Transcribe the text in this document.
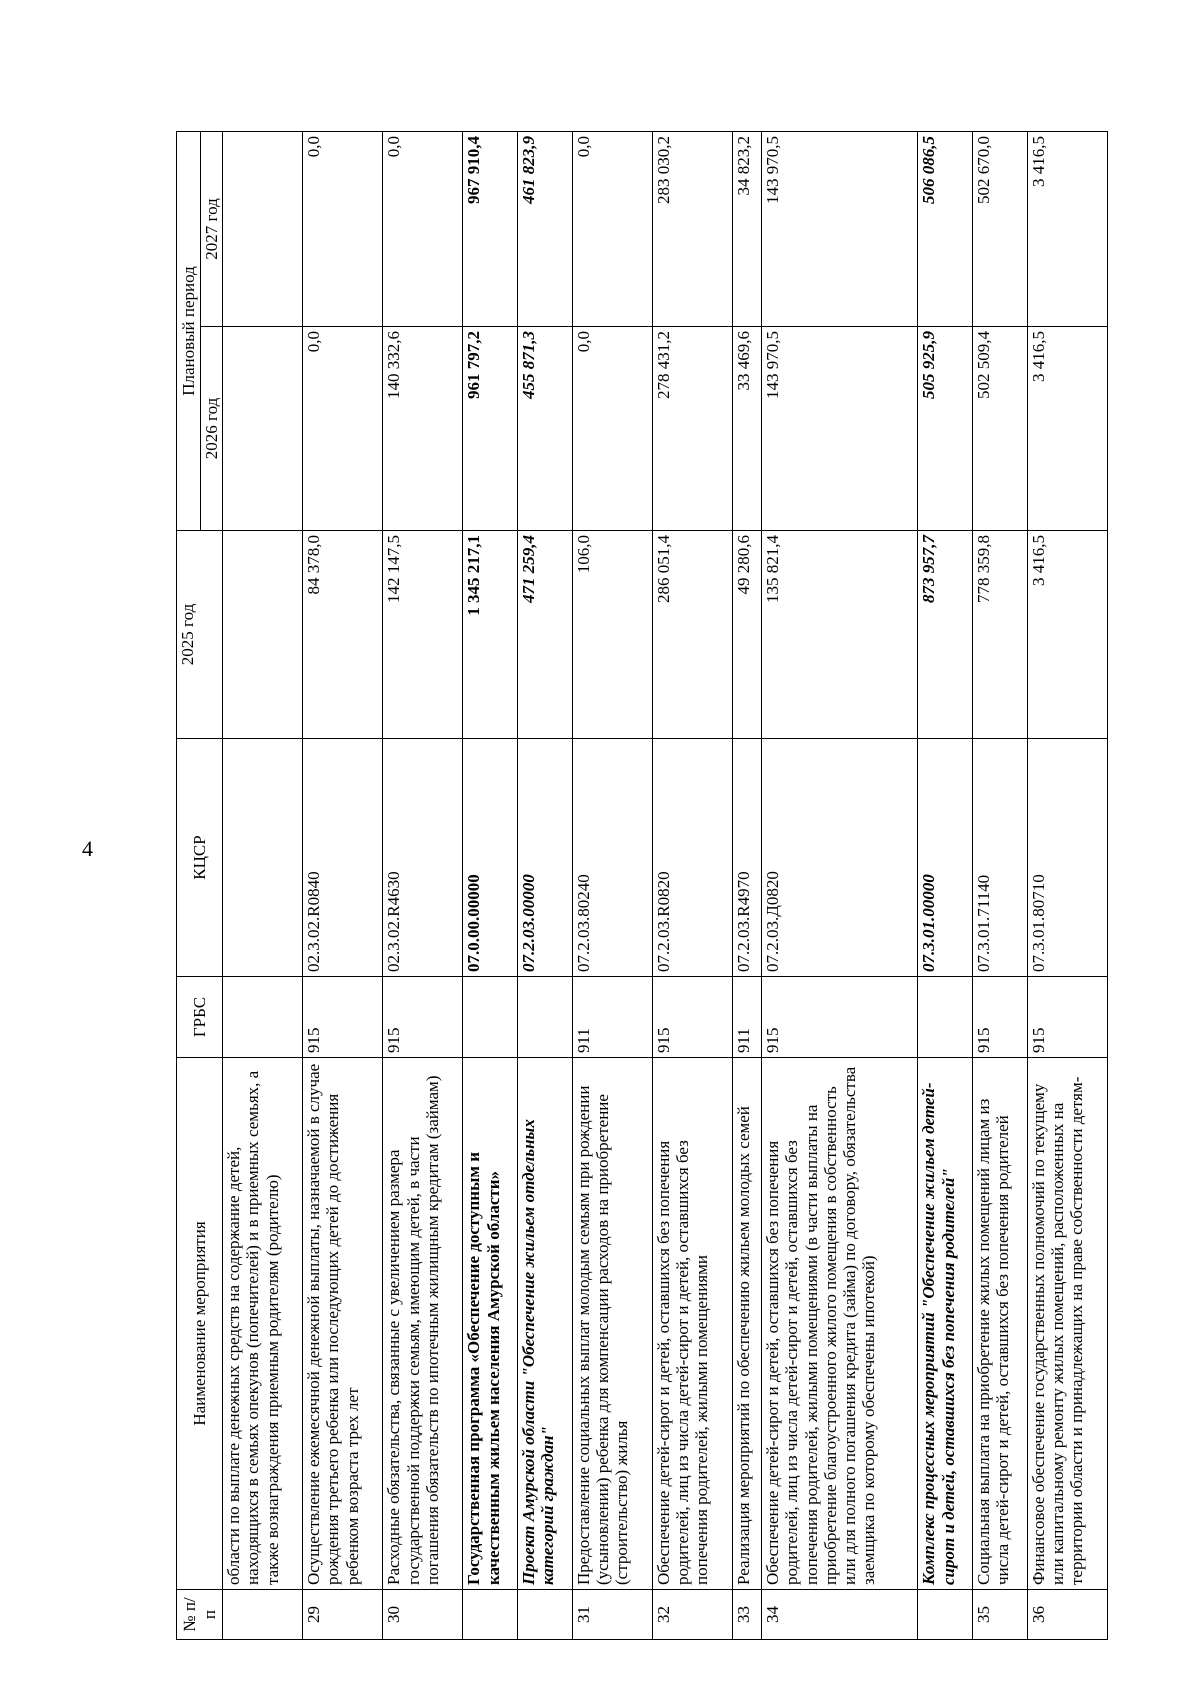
4
№ п/п	Наименование мероприятия	ГРБС	КЦСР	2025 год	Плановый период	
					2026 год	2027 год
	области по выплате денежных средств на содержание детей, находящихся в семьях опекунов (попечителей) и в приемных семьях, а также вознаграждения приемным родителям (родителю)					
29	Осуществление ежемесячной денежной выплаты, назначаемой в случае рождения третьего ребенка или последующих детей до достижения ребенком возраста трех лет	915	02.3.02.R0840	84 378,0	0,0	0,0
30	Расходные обязательства, связанные с увеличением размера государственной поддержки семьям, имеющим детей, в части погашения обязательств по ипотечным жилищным кредитам (займам)	915	02.3.02.R4630	142 147,5	140 332,6	0,0
	Государственная программа «Обеспечение доступным и качественным жильем населения Амурской области»		07.0.00.00000	1 345 217,1	961 797,2	967 910,4
	Проект Амурской области "Обеспечение жильем отдельных категорий граждан"		07.2.03.00000	471 259,4	455 871,3	461 823,9
31	Предоставление социальных выплат молодым семьям при рождении (усыновлении) ребенка для компенсации расходов на приобретение (строительство) жилья	911	07.2.03.80240	106,0	0,0	0,0
32	Обеспечение детей-сирот и детей, оставшихся без попечения родителей, лиц из числа детей-сирот и детей, оставшихся без попечения родителей, жилыми помещениями	915	07.2.03.R0820	286 051,4	278 431,2	283 030,2
33	Реализация мероприятий по обеспечению жильем молодых семей	911	07.2.03.R4970	49 280,6	33 469,6	34 823,2
34	Обеспечение детей-сирот и детей, оставшихся без попечения родителей, лиц из числа детей-сирот и детей, оставшихся без попечения родителей, жилыми помещениями (в части выплаты на приобретение благоустроенного жилого помещения в собственность или для полного погашения кредита (займа) по договору, обязательства заемщика по которому обеспечены ипотекой)	915	07.2.03.Д0820	135 821,4	143 970,5	143 970,5
	Комплекс процессных мероприятий "Обеспечение жильем детей-сирот и детей, оставшихся без попечения родителей"		07.3.01.00000	873 957,7	505 925,9	506 086,5
35	Социальная выплата на приобретение жилых помещений лицам из числа детей-сирот и детей, оставшихся без попечения родителей	915	07.3.01.71140	778 359,8	502 509,4	502 670,0
36	Финансовое обеспечение государственных полномочий по текущему или капитальному ремонту жилых помещений, расположенных на территории области и принадлежащих на праве собственности детям-	915	07.3.01.80710	3 416,5	3 416,5	3 416,5
